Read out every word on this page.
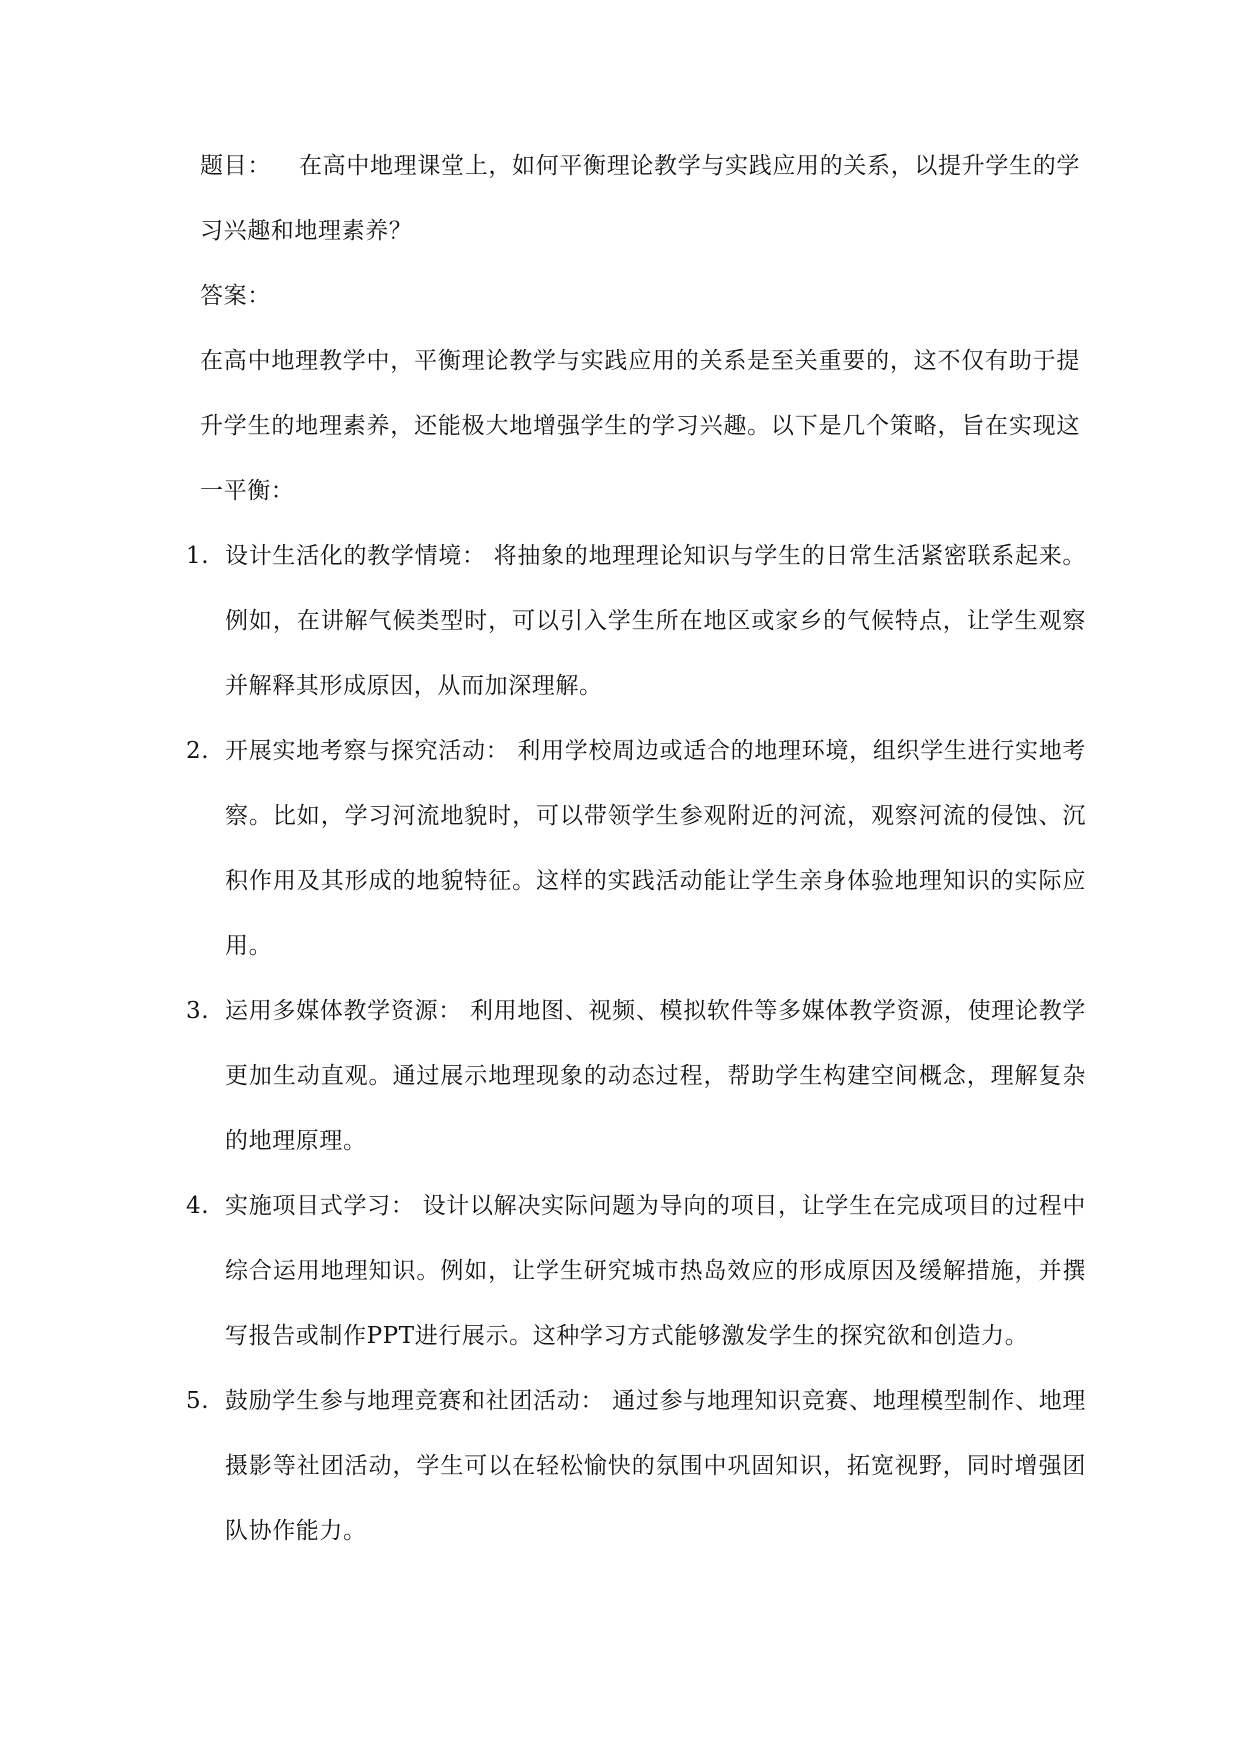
题目： 在高中地理课堂上，如何平衡理论教学与实践应用的关系，以提升学生的学习兴趣和地理素养？

答案：

在高中地理教学中，平衡理论教学与实践应用的关系是至关重要的，这不仅有助于提升学生的地理素养，还能极大地增强学生的学习兴趣。以下是几个策略，旨在实现这一平衡：

1. 设计生活化的教学情境： 将抽象的地理理论知识与学生的日常生活紧密联系起来。例如，在讲解气候类型时，可以引入学生所在地区或家乡的气候特点，让学生观察并解释其形成原因，从而加深理解。
2. 开展实地考察与探究活动： 利用学校周边或适合的地理环境，组织学生进行实地考察。比如，学习河流地貌时，可以带领学生参观附近的河流，观察河流的侵蚀、沉积作用及其形成的地貌特征。这样的实践活动能让学生亲身体验地理知识的实际应用。
3. 运用多媒体教学资源： 利用地图、视频、模拟软件等多媒体教学资源，使理论教学更加生动直观。通过展示地理现象的动态过程，帮助学生构建空间概念，理解复杂的地理原理。
4. 实施项目式学习： 设计以解决实际问题为导向的项目，让学生在完成项目的过程中综合运用地理知识。例如，让学生研究城市热岛效应的形成原因及缓解措施，并撰写报告或制作PPT进行展示。这种学习方式能够激发学生的探究欲和创造力。
5. 鼓励学生参与地理竞赛和社团活动： 通过参与地理知识竞赛、地理模型制作、地理摄影等社团活动，学生可以在轻松愉快的氛围中巩固知识，拓宽视野，同时增强团队协作能力。
